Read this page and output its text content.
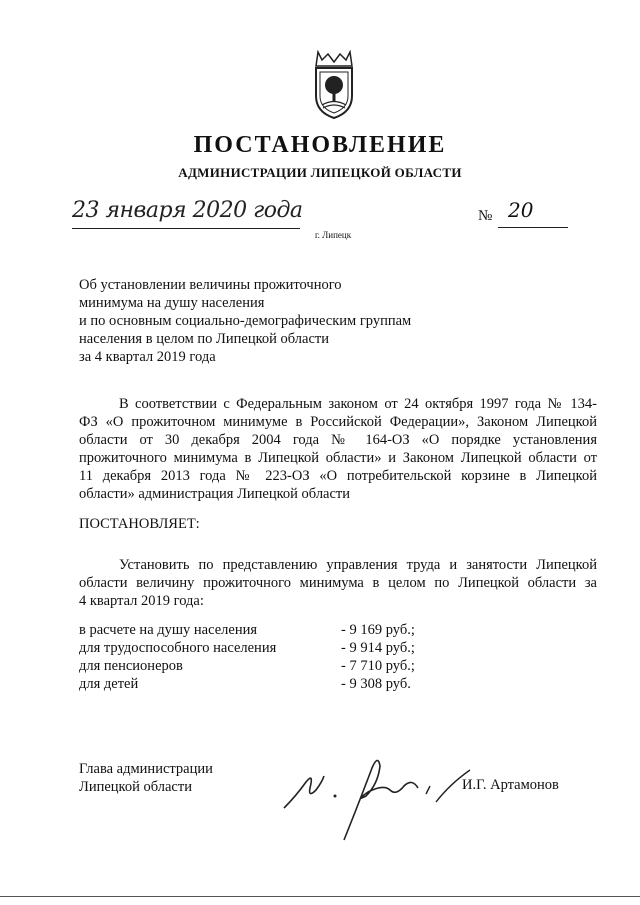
ПОСТАНОВЛЕНИЕ
АДМИНИСТРАЦИИ ЛИПЕЦКОЙ ОБЛАСТИ
23 января 2020 года
г. Липецк
№ 20
Об установлении величины прожиточного
минимума на душу населения
и по основным социально-демографическим группам
населения в целом по Липецкой области
за 4 квартал 2019 года
В соответствии с Федеральным законом от 24 октября 1997 года № 134-
ФЗ «О прожиточном минимуме в Российской Федерации», Законом Липецкой
области от 30 декабря 2004 года № 164-ОЗ «О порядке установления
прожиточного минимума в Липецкой области» и Законом Липецкой области от
11 декабря 2013 года № 223-ОЗ «О потребительской корзине в Липецкой
области» администрация Липецкой области
ПОСТАНОВЛЯЕТ:
Установить по представлению управления труда и занятости Липецкой
области величину прожиточного минимума в целом по Липецкой области за
4 квартал 2019 года:
в расчете на душу населения	- 9 169 руб.;
для трудоспособного населения	- 9 914 руб.;
для пенсионеров	- 7 710 руб.;
для детей	- 9 308 руб.
Глава администрации
Липецкой области	И.Г. Артамонов
